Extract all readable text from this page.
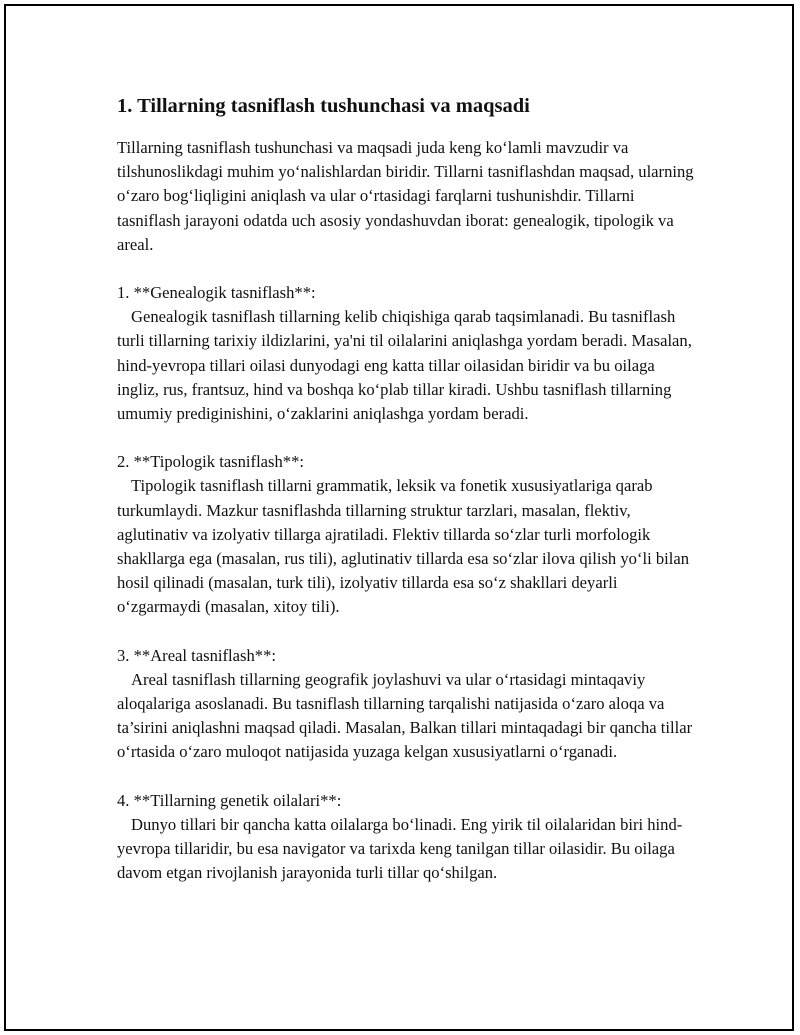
1. Tillarning tasniflash tushunchasi va maqsadi

Tillarning tasniflash tushunchasi va maqsadi juda keng ko‘lamli mavzudir va tilshunoslikdagi muhim yo‘nalishlardan biridir. Tillarni tasniflashdan maqsad, ularning o‘zaro bog‘liqligini aniqlash va ular o‘rtasidagi farqlarni tushunishdir. Tillarni tasniflash jarayoni odatda uch asosiy yondashuvdan iborat: genealogik, tipologik va areal.

1. **Genealogik tasniflash**:

Genealogik tasniflash tillarning kelib chiqishiga qarab taqsimlanadi. Bu tasniflash turli tillarning tarixiy ildizlarini, ya'ni til oilalarini aniqlashga yordam beradi. Masalan, hind-yevropa tillari oilasi dunyodagi eng katta tillar oilasidan biridir va bu oilaga ingliz, rus, frantsuz, hind va boshqa ko‘plab tillar kiradi. Ushbu tasniflash tillarning umumiy prediginishini, o‘zaklarini aniqlashga yordam beradi.

2. **Tipologik tasniflash**:

Tipologik tasniflash tillarni grammatik, leksik va fonetik xususiyatlariga qarab turkumlaydi. Mazkur tasniflashda tillarning struktur tarzlari, masalan, flektiv, aglutinativ va izolyativ tillarga ajratiladi. Flektiv tillarda so‘zlar turli morfologik shakllarga ega (masalan, rus tili), aglutinativ tillarda esa so‘zlar ilova qilish yo‘li bilan hosil qilinadi (masalan, turk tili), izolyativ tillarda esa so‘z shakllari deyarli o‘zgarmaydi (masalan, xitoy tili).

3. **Areal tasniflash**:

Areal tasniflash tillarning geografik joylashuvi va ular o‘rtasidagi mintaqaviy aloqalariga asoslanadi. Bu tasniflash tillarning tarqalishi natijasida o‘zaro aloqa va ta’sirini aniqlashni maqsad qiladi. Masalan, Balkan tillari mintaqadagi bir qancha tillar o‘rtasida o‘zaro muloqot natijasida yuzaga kelgan xususiyatlarni o‘rganadi.

4. **Tillarning genetik oilalari**:

Dunyo tillari bir qancha katta oilalarga bo‘linadi. Eng yirik til oilalaridan biri hind-yevropa tillaridir, bu esa navigator va tarixda keng tanilgan tillar oilasidir. Bu oilaga davom etgan rivojlanish jarayonida turli tillar qo‘shilgan.
